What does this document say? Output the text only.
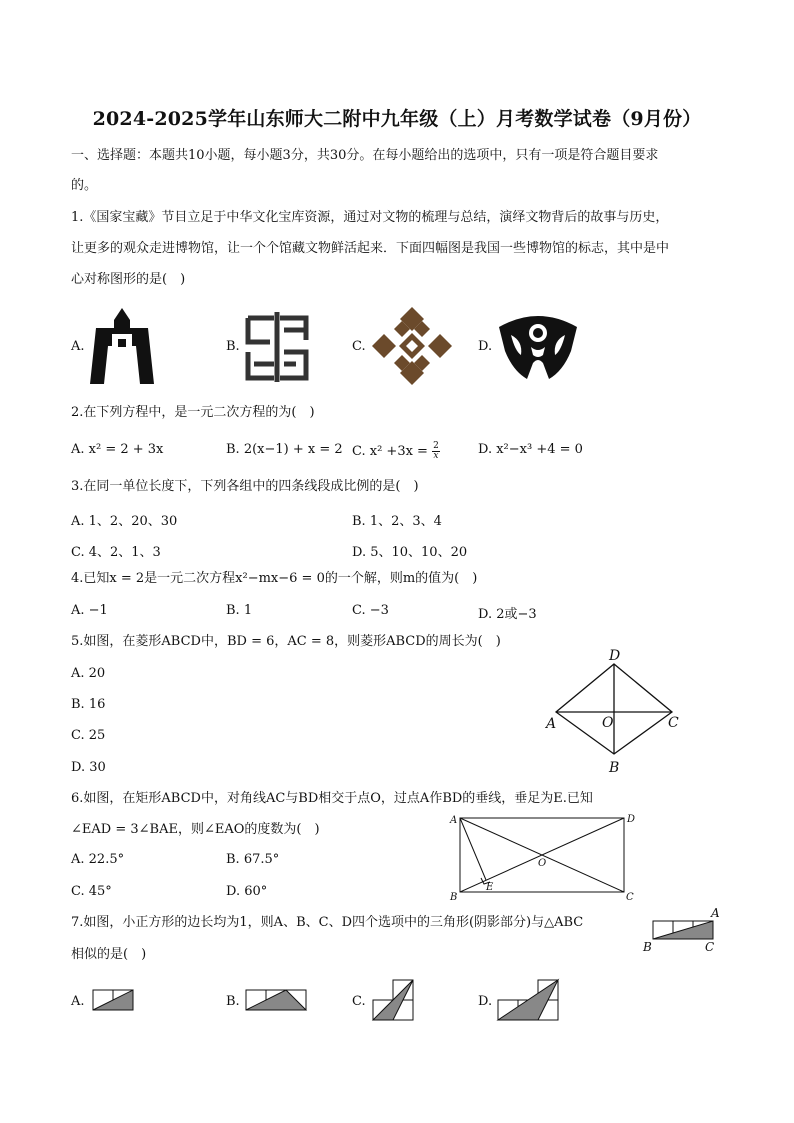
2024-2025学年山东师大二附中九年级（上）月考数学试卷（9月份）
一、选择题：本题共10小题，每小题3分，共30分。在每小题给出的选项中，只有一项是符合题目要求
的。
1.《国家宝藏》节目立足于中华文化宝库资源，通过对文物的梳理与总结，演绎文物背后的故事与历史，
让更多的观众走进博物馆，让一个个馆藏文物鲜活起来．下面四幅图是我国一些博物馆的标志，其中是中
心对称图形的是(　)
A.	B.	C.	D.
2.在下列方程中，是一元二次方程的为(　)
A. x² = 2 + 3x	B. 2(x−1) + x = 2 C. $x^2 +3x = \frac{2}{x}$	D. x²−x³ +4 = 0
3.在同一单位长度下，下列各组中的四条线段成比例的是(　)
A. 1、2、20、30	B. 1、2、3、4
C. 4、2、1、3	D. 5、10、10、20
4.已知x = 2是一元二次方程x²−mx−6 = 0的一个解，则m的值为(　)
A. −1	B. 1	C. −3	D. 2或−3
5.如图，在菱形ABCD中，BD = 6，AC = 8，则菱形ABCD的周长为(　)
A. 20
B. 16
C. 25
D. 30
D
A	O	C
B
6.如图，在矩形ABCD中，对角线AC与BD相交于点O，过点A作BD的垂线，垂足为E.已知
∠EAD = 3∠BAE，则∠EAO的度数为(　)
A. 22.5°	B. 67.5°
C. 45°	D. 60°
A	D
O
E
B	C
7.如图，小正方形的边长均为1，则A、B、C、D四个选项中的三角形(阴影部分)与△ABC
相似的是(　)
A
B	C
A.	B.	C.	D.
